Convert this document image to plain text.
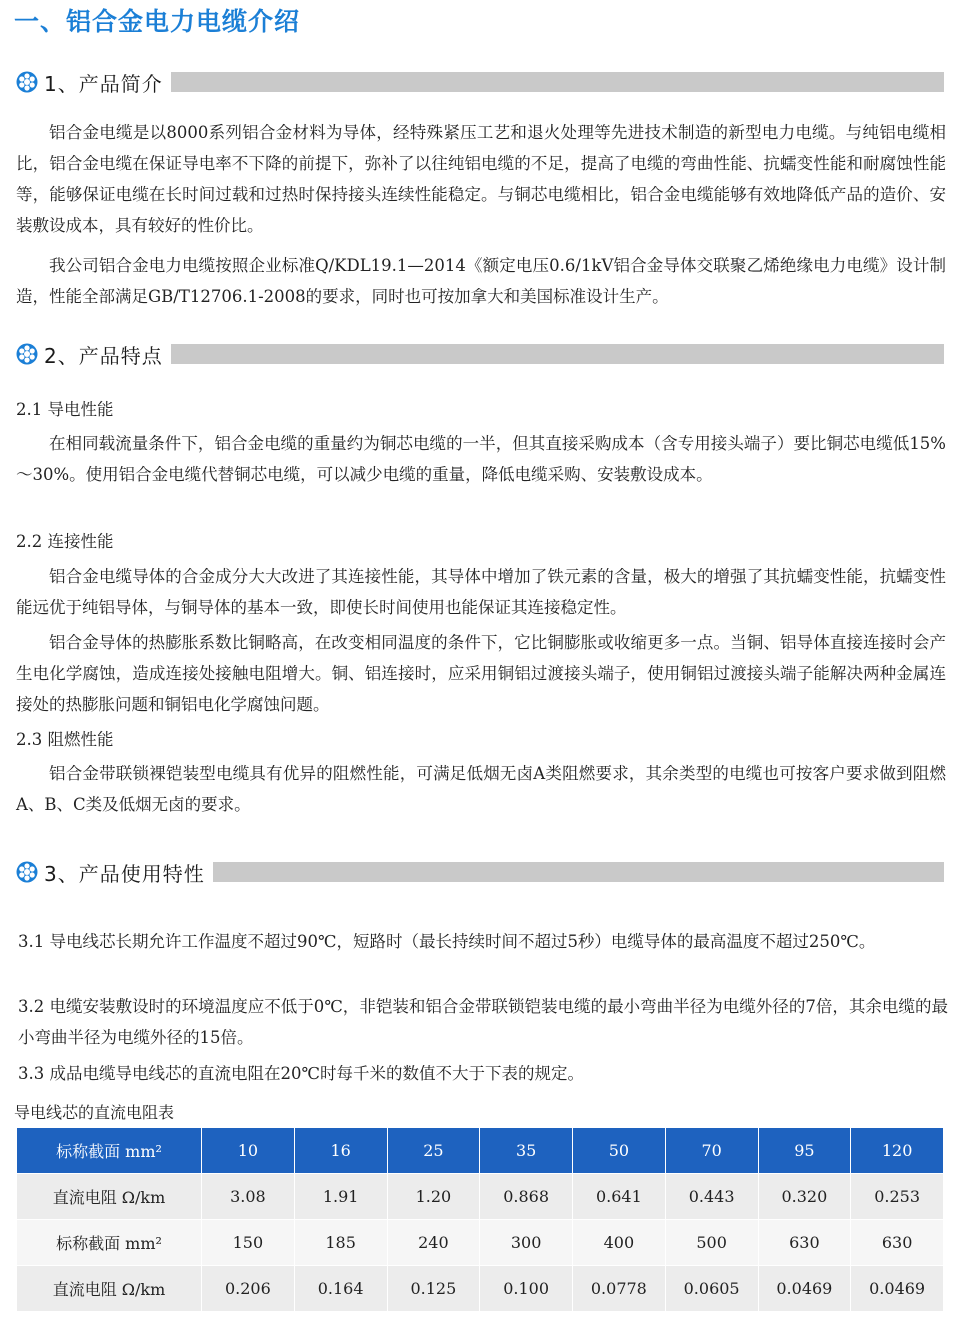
一、铝合金电力电缆介绍
1、产品简介

铝合金电缆是以8000系列铝合金材料为导体，经特殊紧压工艺和退火处理等先进技术制造的新型电力电缆。与纯铝电缆相比，铝合金电缆在保证导电率不下降的前提下，弥补了以往纯铝电缆的不足，提高了电缆的弯曲性能、抗蠕变性能和耐腐蚀性能等，能够保证电缆在长时间过载和过热时保持接头连续性能稳定。与铜芯电缆相比，铝合金电缆能够有效地降低产品的造价、安装敷设成本，具有较好的性价比。

我公司铝合金电力电缆按照企业标准Q/KDL19.1—2014《额定电压0.6/1kV铝合金导体交联聚乙烯绝缘电力电缆》设计制造，性能全部满足GB/T12706.1-2008的要求，同时也可按加拿大和美国标准设计生产。

2、产品特点

2.1 导电性能

在相同载流量条件下，铝合金电缆的重量约为铜芯电缆的一半，但其直接采购成本（含专用接头端子）要比铜芯电缆低15%～30%。使用铝合金电缆代替铜芯电缆，可以减少电缆的重量，降低电缆采购、安装敷设成本。

2.2 连接性能

铝合金电缆导体的合金成分大大改进了其连接性能，其导体中增加了铁元素的含量，极大的增强了其抗蠕变性能，抗蠕变性能远优于纯铝导体，与铜导体的基本一致，即使长时间使用也能保证其连接稳定性。

铝合金导体的热膨胀系数比铜略高，在改变相同温度的条件下，它比铜膨胀或收缩更多一点。当铜、铝导体直接连接时会产生电化学腐蚀，造成连接处接触电阻增大。铜、铝连接时，应采用铜铝过渡接头端子，使用铜铝过渡接头端子能解决两种金属连接处的热膨胀问题和铜铝电化学腐蚀问题。

2.3 阻燃性能

铝合金带联锁裸铠装型电缆具有优异的阻燃性能，可满足低烟无卤A类阻燃要求，其余类型的电缆也可按客户要求做到阻燃A、B、C类及低烟无卤的要求。

3、产品使用特性

3.1 导电线芯长期允许工作温度不超过90℃，短路时（最长持续时间不超过5秒）电缆导体的最高温度不超过250℃。

3.2 电缆安装敷设时的环境温度应不低于0℃，非铠装和铝合金带联锁铠装电缆的最小弯曲半径为电缆外径的7倍，其余电缆的最小弯曲半径为电缆外径的15倍。

3.3 成品电缆导电线芯的直流电阻在20℃时每千米的数值不大于下表的规定。

导电线芯的直流电阻表
标称截面 mm²	10	16	25	35	50	70	95	120
直流电阻 Ω/km	3.08	1.91	1.20	0.868	0.641	0.443	0.320	0.253
标称截面 mm²	150	185	240	300	400	500	630	630
直流电阻 Ω/km	0.206	0.164	0.125	0.100	0.0778	0.0605	0.0469	0.0469
